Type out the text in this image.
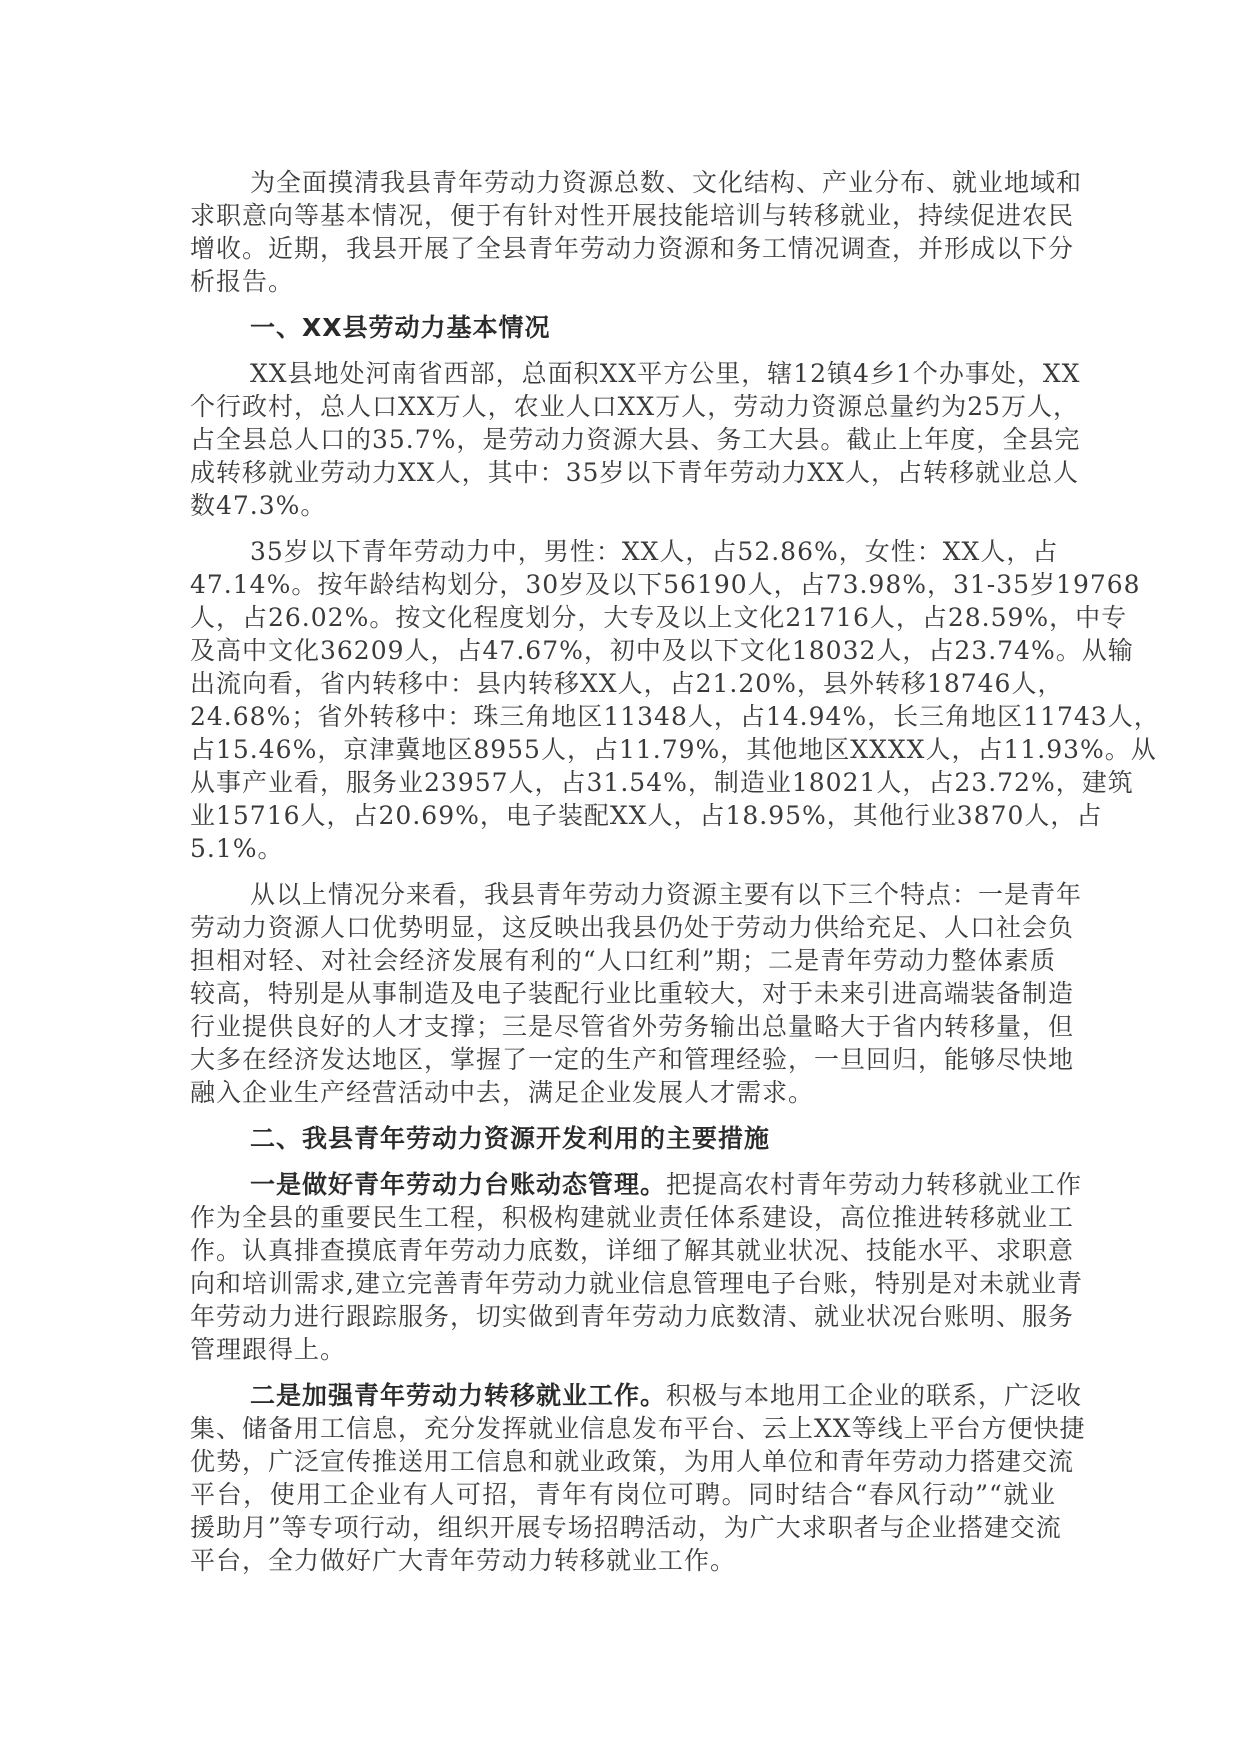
为全面摸清我县青年劳动力资源总数、文化结构、产业分布、就业地域和
求职意向等基本情况，便于有针对性开展技能培训与转移就业，持续促进农民
增收。近期，我县开展了全县青年劳动力资源和务工情况调查，并形成以下分
析报告。
一、XX县劳动力基本情况
XX县地处河南省西部，总面积XX平方公里，辖12镇4乡1个办事处，XX
个行政村，总人口XX万人，农业人口XX万人，劳动力资源总量约为25万人，
占全县总人口的35.7%，是劳动力资源大县、务工大县。截止上年度，全县完
成转移就业劳动力XX人，其中：35岁以下青年劳动力XX人，占转移就业总人
数47.3%。
35岁以下青年劳动力中，男性：XX人，占52.86%，女性：XX人，占
47.14%。按年龄结构划分，30岁及以下56190人，占73.98%，31-35岁19768
人，占26.02%。按文化程度划分，大专及以上文化21716人，占28.59%，中专
及高中文化36209人，占47.67%，初中及以下文化18032人，占23.74%。从输
出流向看，省内转移中：县内转移XX人，占21.20%，县外转移18746人，
24.68%；省外转移中：珠三角地区11348人，占14.94%，长三角地区11743人，
占15.46%，京津冀地区8955人，占11.79%，其他地区XXXX人，占11.93%。从
从事产业看，服务业23957人，占31.54%，制造业18021人，占23.72%，建筑
业15716人，占20.69%，电子装配XX人，占18.95%，其他行业3870人，占
5.1%。
从以上情况分来看，我县青年劳动力资源主要有以下三个特点：一是青年
劳动力资源人口优势明显，这反映出我县仍处于劳动力供给充足、人口社会负
担相对轻、对社会经济发展有利的“人口红利”期；二是青年劳动力整体素质
较高，特别是从事制造及电子装配行业比重较大，对于未来引进高端装备制造
行业提供良好的人才支撑；三是尽管省外劳务输出总量略大于省内转移量，但
大多在经济发达地区，掌握了一定的生产和管理经验，一旦回归，能够尽快地
融入企业生产经营活动中去，满足企业发展人才需求。
二、我县青年劳动力资源开发利用的主要措施
一是做好青年劳动力台账动态管理。把提高农村青年劳动力转移就业工作
作为全县的重要民生工程，积极构建就业责任体系建设，高位推进转移就业工
作。认真排查摸底青年劳动力底数，详细了解其就业状况、技能水平、求职意
向和培训需求,建立完善青年劳动力就业信息管理电子台账，特别是对未就业青
年劳动力进行跟踪服务，切实做到青年劳动力底数清、就业状况台账明、服务
管理跟得上。
二是加强青年劳动力转移就业工作。积极与本地用工企业的联系，广泛收
集、储备用工信息，充分发挥就业信息发布平台、云上XX等线上平台方便快捷
优势，广泛宣传推送用工信息和就业政策，为用人单位和青年劳动力搭建交流
平台，使用工企业有人可招，青年有岗位可聘。同时结合“春风行动”“就业
援助月”等专项行动，组织开展专场招聘活动，为广大求职者与企业搭建交流
平台，全力做好广大青年劳动力转移就业工作。
